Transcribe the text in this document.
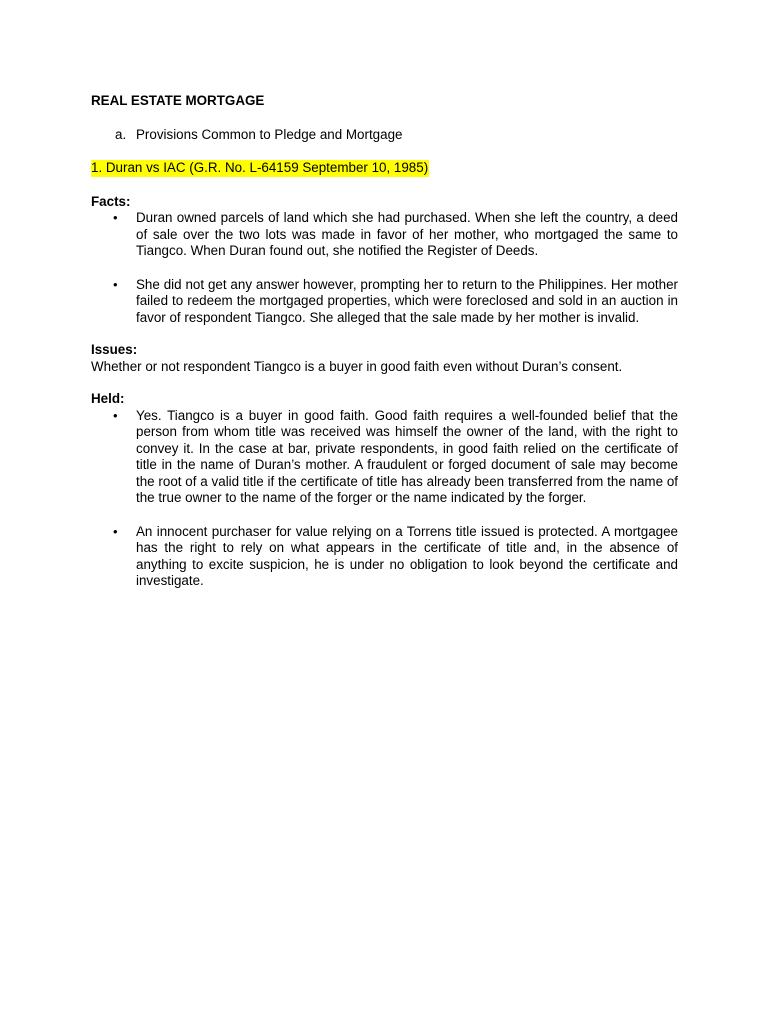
REAL ESTATE MORTGAGE

a. Provisions Common to Pledge and Mortgage
1. Duran vs IAC (G.R. No. L-64159 September 10, 1985)

Facts:

• Duran owned parcels of land which she had purchased. When she left the country, a deed of sale over the two lots was made in favor of her mother, who mortgaged the same to Tiangco. When Duran found out, she notified the Register of Deeds.
• She did not get any answer however, prompting her to return to the Philippines. Her mother failed to redeem the mortgaged properties, which were foreclosed and sold in an auction in favor of respondent Tiangco. She alleged that the sale made by her mother is invalid.

Issues:

Whether or not respondent Tiangco is a buyer in good faith even without Duran’s consent.

Held:

• Yes. Tiangco is a buyer in good faith. Good faith requires a well-founded belief that the person from whom title was received was himself the owner of the land, with the right to convey it. In the case at bar, private respondents, in good faith relied on the certificate of title in the name of Duran’s mother. A fraudulent or forged document of sale may become the root of a valid title if the certificate of title has already been transferred from the name of the true owner to the name of the forger or the name indicated by the forger.
• An innocent purchaser for value relying on a Torrens title issued is protected. A mortgagee has the right to rely on what appears in the certificate of title and, in the absence of anything to excite suspicion, he is under no obligation to look beyond the certificate and investigate.
